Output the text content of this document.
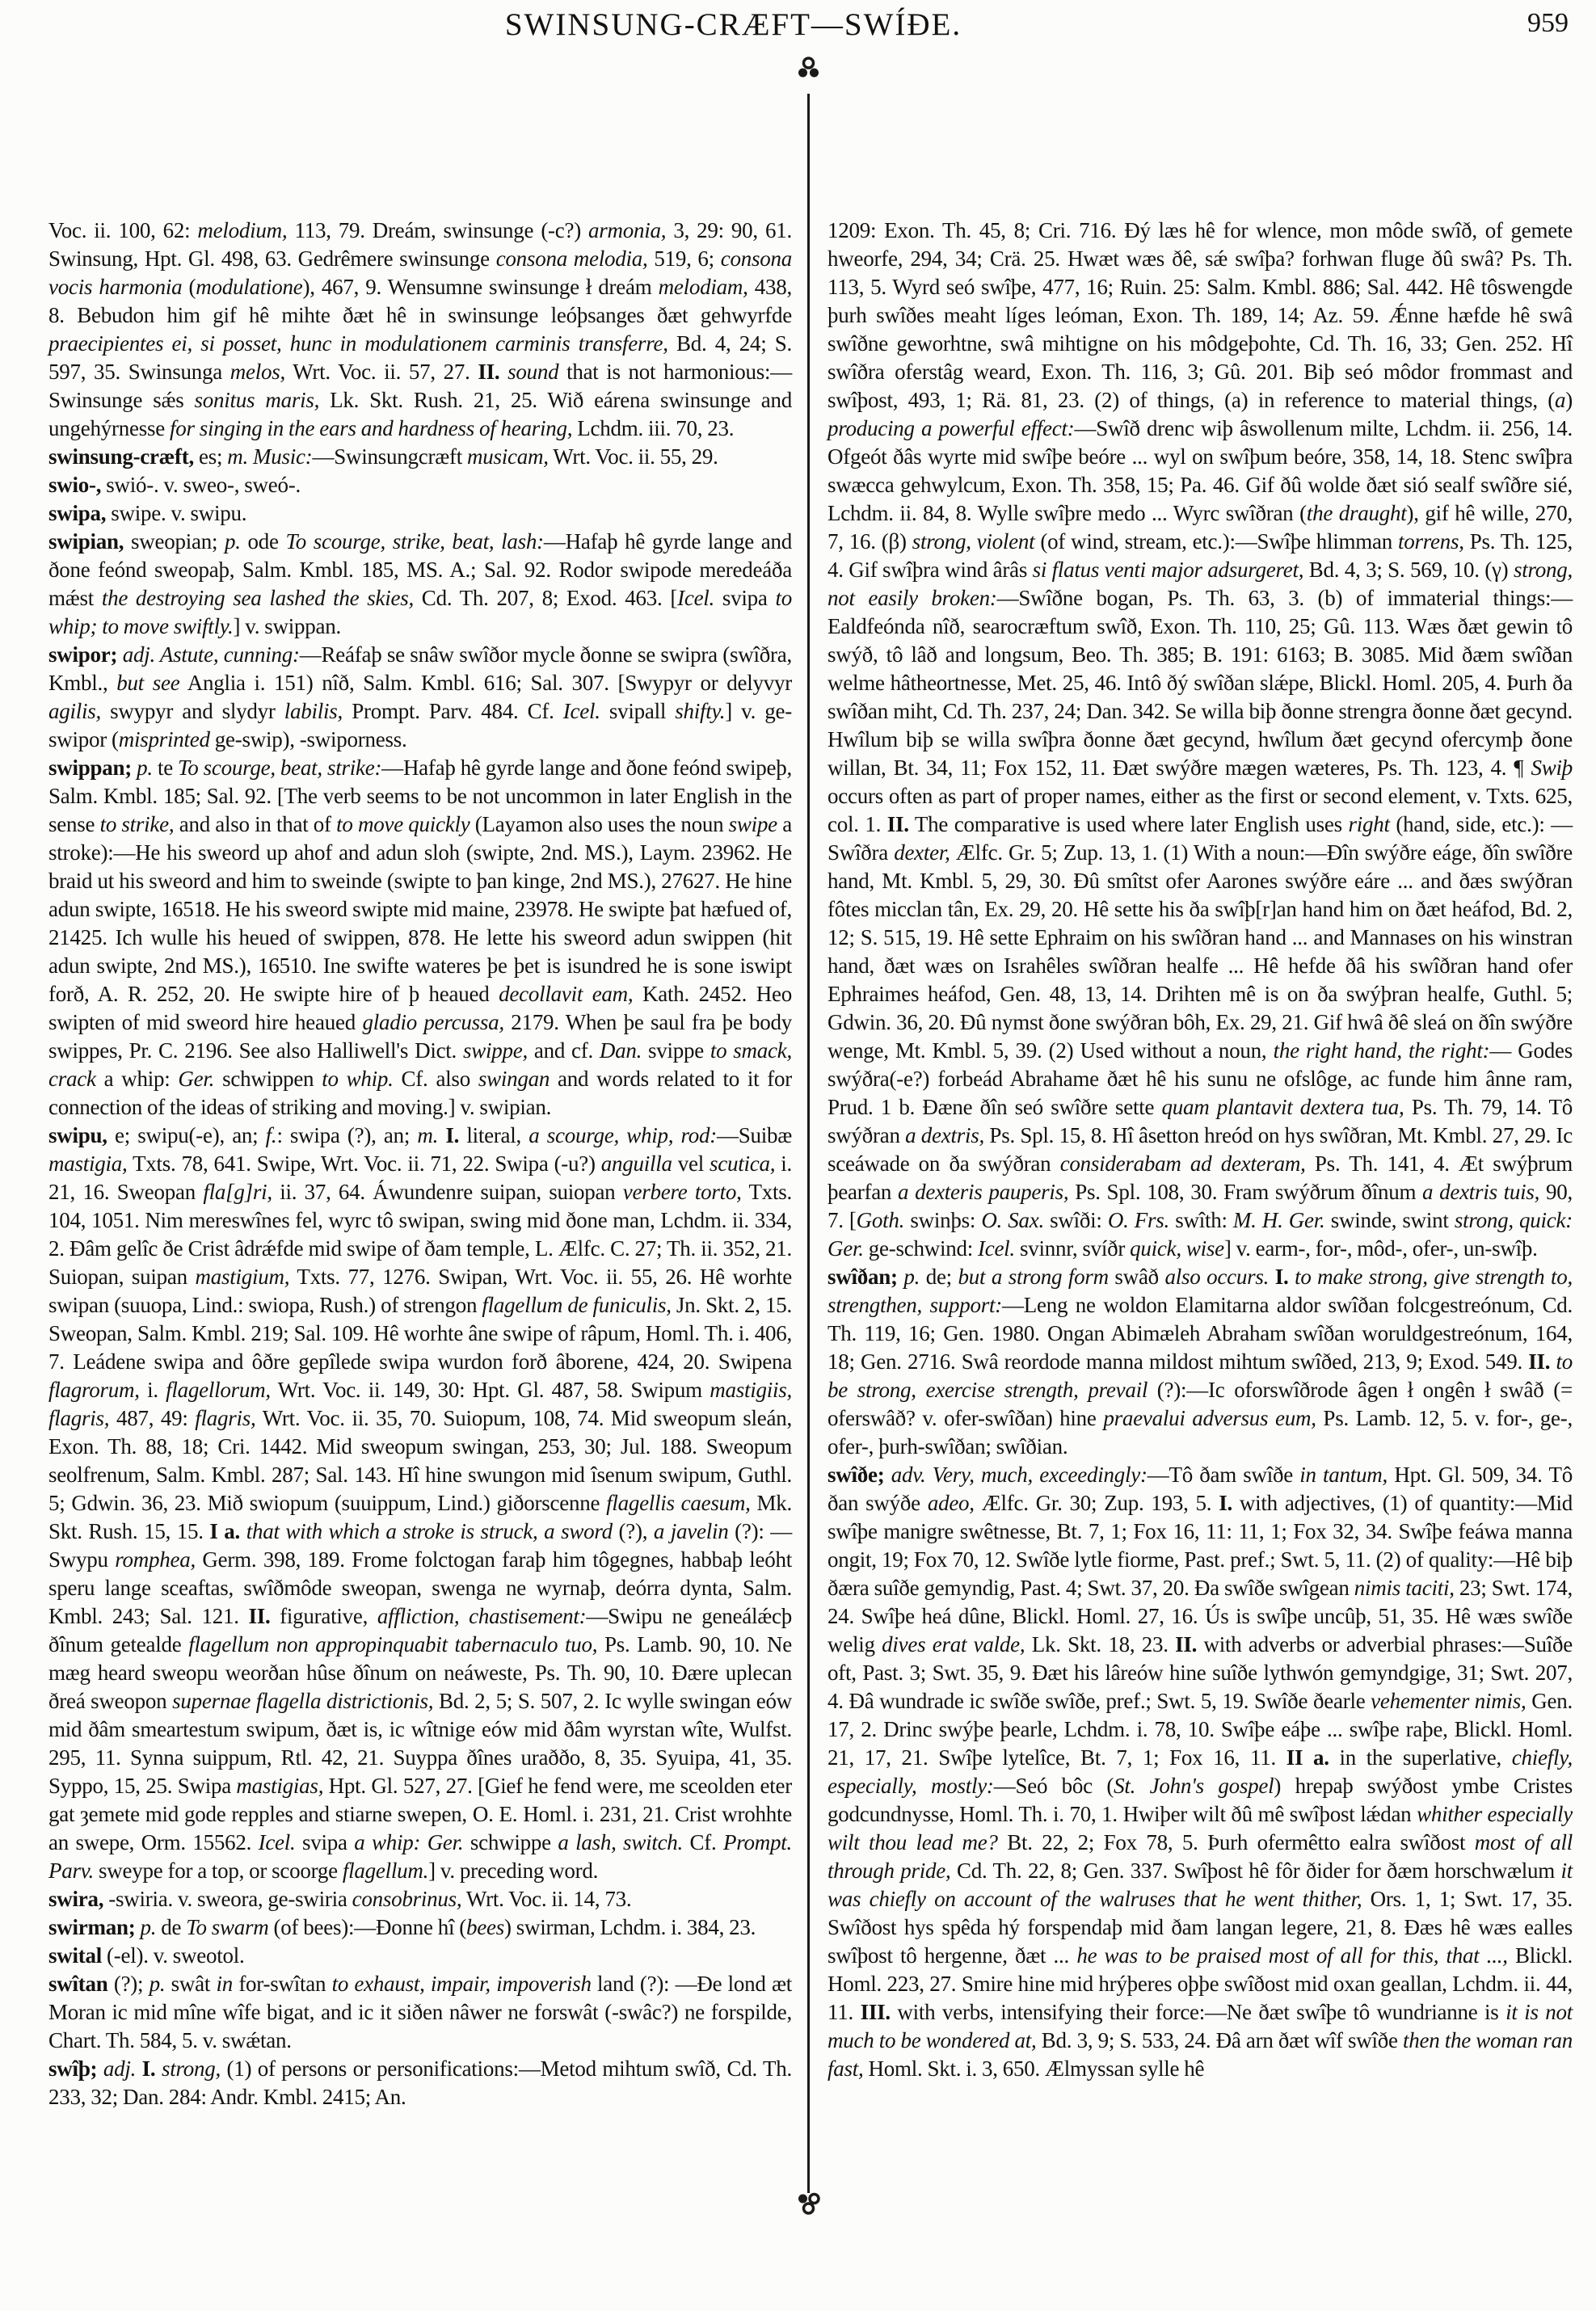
SWINSUNG-CRÆFT—SWÍÐE.	959

Voc. ii. 100, 62: melodium, 113, 79. Dreám, swinsunge (-c?) armonia, 3, 29: 90, 61. Swinsung, Hpt. Gl. 498, 63. Gedrêmere swinsunge consona melodia, 519, 6; consona vocis harmonia (modulatione), 467, 9. Wensumne swinsunge ł dreám melodiam, 438, 8. Bebudon him gif hê mihte ðæt hê in swinsunge leóþsanges ðæt gehwyrfde praecipientes ei, si posset, hunc in modulationem carminis transferre, Bd. 4, 24; S. 597, 35. Swinsunga melos, Wrt. Voc. ii. 57, 27. II. sound that is not harmonious:—Swinsunge sǽs sonitus maris, Lk. Skt. Rush. 21, 25. Wið eárena swinsunge and ungehýrnesse for singing in the ears and hardness of hearing, Lchdm. iii. 70, 23.

swinsung-cræft, es; m. Music:—Swinsungcræft musicam, Wrt. Voc. ii. 55, 29.

swio-, swió-. v. sweo-, sweó-.

swipa, swipe. v. swipu.

swipian, sweopian; p. ode To scourge, strike, beat, lash:—Hafaþ hê gyrde lange and ðone feónd sweopaþ, Salm. Kmbl. 185, MS. A.; Sal. 92. Rodor swipode meredeáða mǽst the destroying sea lashed the skies, Cd. Th. 207, 8; Exod. 463. [Icel. svipa to whip; to move swiftly.] v. swippan.

swipor; adj. Astute, cunning:—Reáfaþ se snâw swîðor mycle ðonne se swipra (swîðra, Kmbl., but see Anglia i. 151) nîð, Salm. Kmbl. 616; Sal. 307. [Swypyr or delyvyr agilis, swypyr and slydyr labilis, Prompt. Parv. 484. Cf. Icel. svipall shifty.] v. ge-swipor (misprinted ge-swip), -swiporness.

swippan; p. te To scourge, beat, strike:—Hafaþ hê gyrde lange and ðone feónd swipeþ, Salm. Kmbl. 185; Sal. 92. [The verb seems to be not uncommon in later English in the sense to strike, and also in that of to move quickly (Layamon also uses the noun swipe a stroke):—He his sweord up ahof and adun sloh (swipte, 2nd. MS.), Laym. 23962. He braid ut his sweord and him to sweinde (swipte to þan kinge, 2nd MS.), 27627. He hine adun swipte, 16518. He his sweord swipte mid maine, 23978. He swipte þat hæfued of, 21425. Ich wulle his heued of swippen, 878. He lette his sweord adun swippen (hit adun swipte, 2nd MS.), 16510. Ine swifte wateres þe þet is isundred he is sone iswipt forð, A. R. 252, 20. He swipte hire of þ heaued decollavit eam, Kath. 2452. Heo swipten of mid sweord hire heaued gladio percussa, 2179. When þe saul fra þe body swippes, Pr. C. 2196. See also Halliwell's Dict. swippe, and cf. Dan. svippe to smack, crack a whip: Ger. schwippen to whip. Cf. also swingan and words related to it for connection of the ideas of striking and moving.] v. swipian.

swipu, e; swipu(-e), an; f.: swipa (?), an; m. I. literal, a scourge, whip, rod:—Suibæ mastigia, Txts. 78, 641. Swipe, Wrt. Voc. ii. 71, 22. Swipa (-u?) anguilla vel scutica, i. 21, 16. Sweopan fla[g]ri, ii. 37, 64. Áwundenre suipan, suiopan verbere torto, Txts. 104, 1051. Nim mereswînes fel, wyrc tô swipan, swing mid ðone man, Lchdm. ii. 334, 2. Ðâm gelîc ðe Crist âdrǽfde mid swipe of ðam temple, L. Ælfc. C. 27; Th. ii. 352, 21. Suiopan, suipan mastigium, Txts. 77, 1276. Swipan, Wrt. Voc. ii. 55, 26. Hê worhte swipan (suuopa, Lind.: swiopa, Rush.) of strengon flagellum de funiculis, Jn. Skt. 2, 15. Sweopan, Salm. Kmbl. 219; Sal. 109. Hê worhte âne swipe of râpum, Homl. Th. i. 406, 7. Leádene swipa and ôðre gepîlede swipa wurdon forð âborene, 424, 20. Swipena flagrorum, i. flagellorum, Wrt. Voc. ii. 149, 30: Hpt. Gl. 487, 58. Swipum mastigiis, flagris, 487, 49: flagris, Wrt. Voc. ii. 35, 70. Suiopum, 108, 74. Mid sweopum sleán, Exon. Th. 88, 18; Cri. 1442. Mid sweopum swingan, 253, 30; Jul. 188. Sweopum seolfrenum, Salm. Kmbl. 287; Sal. 143. Hî hine swungon mid îsenum swipum, Guthl. 5; Gdwin. 36, 23. Mið swiopum (suuippum, Lind.) giðorscenne flagellis caesum, Mk. Skt. Rush. 15, 15. I a. that with which a stroke is struck, a sword (?), a javelin (?): — Swypu romphea, Germ. 398, 189. Frome folctogan faraþ him tôgegnes, habbaþ leóht speru lange sceaftas, swîðmôde sweopan, swenga ne wyrnaþ, deórra dynta, Salm. Kmbl. 243; Sal. 121. II. figurative, affliction, chastisement:—Swipu ne geneálǽcþ ðînum getealde flagellum non appropinquabit tabernaculo tuo, Ps. Lamb. 90, 10. Ne mæg heard sweopu weorðan hûse ðînum on neáweste, Ps. Th. 90, 10. Ðære uplecan ðreá sweopon supernae flagella districtionis, Bd. 2, 5; S. 507, 2. Ic wylle swingan eów mid ðâm smeartestum swipum, ðæt is, ic wîtnige eów mid ðâm wyrstan wîte, Wulfst. 295, 11. Synna suippum, Rtl. 42, 21. Suyppa ðînes uraððo, 8, 35. Syuipa, 41, 35. Syppo, 15, 25. Swipa mastigias, Hpt. Gl. 527, 27. [Gief he fend were, me sceolden eter gat ȝemete mid gode repples and stiarne swepen, O. E. Homl. i. 231, 21. Crist wrohhte an swepe, Orm. 15562. Icel. svipa a whip: Ger. schwippe a lash, switch. Cf. Prompt. Parv. sweype for a top, or scoorge flagellum.] v. preceding word.

swira, -swiria. v. sweora, ge-swiria consobrinus, Wrt. Voc. ii. 14, 73.

swirman; p. de To swarm (of bees):—Ðonne hî (bees) swirman, Lchdm. i. 384, 23.

swital (-el). v. sweotol.

swîtan (?); p. swât in for-swîtan to exhaust, impair, impoverish land (?): —Ðe lond æt Moran ic mid mîne wîfe bigat, and ic it siðen nâwer ne forswât (-swâc?) ne forspilde, Chart. Th. 584, 5. v. swǽtan.

swîþ; adj. I. strong, (1) of persons or personifications:—Metod mihtum swîð, Cd. Th. 233, 32; Dan. 284: Andr. Kmbl. 2415; An.

1209: Exon. Th. 45, 8; Cri. 716. Ðý læs hê for wlence, mon môde swîð, of gemete hweorfe, 294, 34; Crä. 25. Hwæt wæs ðê, sǽ swîþa? forhwan fluge ðû swâ? Ps. Th. 113, 5. Wyrd seó swîþe, 477, 16; Ruin. 25: Salm. Kmbl. 886; Sal. 442. Hê tôswengde þurh swîðes meaht líges leóman, Exon. Th. 189, 14; Az. 59. Ǽnne hæfde hê swâ swîðne geworhtne, swâ mihtigne on his môdgeþohte, Cd. Th. 16, 33; Gen. 252. Hî swîðra oferstâg weard, Exon. Th. 116, 3; Gû. 201. Biþ seó môdor frommast and swîþost, 493, 1; Rä. 81, 23. (2) of things, (a) in reference to material things, (a) producing a powerful effect:—Swîð drenc wiþ âswollenum milte, Lchdm. ii. 256, 14. Ofgeót ðâs wyrte mid swîþe beóre ... wyl on swîþum beóre, 358, 14, 18. Stenc swîþra swæcca gehwylcum, Exon. Th. 358, 15; Pa. 46. Gif ðû wolde ðæt sió sealf swîðre sié, Lchdm. ii. 84, 8. Wylle swîþre medo ... Wyrc swîðran (the draught), gif hê wille, 270, 7, 16. (β) strong, violent (of wind, stream, etc.):—Swîþe hlimman torrens, Ps. Th. 125, 4. Gif swîþra wind ârâs si flatus venti major adsurgeret, Bd. 4, 3; S. 569, 10. (γ) strong, not easily broken:—Swîðne bogan, Ps. Th. 63, 3. (b) of immaterial things:—Ealdfeónda nîð, searocræftum swîð, Exon. Th. 110, 25; Gû. 113. Wæs ðæt gewin tô swýð, tô lâð and longsum, Beo. Th. 385; B. 191: 6163; B. 3085. Mid ðæm swîðan welme hâtheortnesse, Met. 25, 46. Intô ðý swîðan slǽpe, Blickl. Homl. 205, 4. Þurh ða swîðan miht, Cd. Th. 237, 24; Dan. 342. Se willa biþ ðonne strengra ðonne ðæt gecynd. Hwîlum biþ se willa swîþra ðonne ðæt gecynd, hwîlum ðæt gecynd ofercymþ ðone willan, Bt. 34, 11; Fox 152, 11. Ðæt swýðre mægen wæteres, Ps. Th. 123, 4. ¶ Swiþ occurs often as part of proper names, either as the first or second element, v. Txts. 625, col. 1. II. The comparative is used where later English uses right (hand, side, etc.): —Swîðra dexter, Ælfc. Gr. 5; Zup. 13, 1. (1) With a noun:—Ðîn swýðre eáge, ðîn swîðre hand, Mt. Kmbl. 5, 29, 30. Ðû smîtst ofer Aarones swýðre eáre ... and ðæs swýðran fôtes micclan tân, Ex. 29, 20. Hê sette his ða swîþ[r]an hand him on ðæt heáfod, Bd. 2, 12; S. 515, 19. Hê sette Ephraim on his swîðran hand ... and Mannases on his winstran hand, ðæt wæs on Israhêles swîðran healfe ... Hê hefde ðâ his swîðran hand ofer Ephraimes heáfod, Gen. 48, 13, 14. Drihten mê is on ða swýþran healfe, Guthl. 5; Gdwin. 36, 20. Ðû nymst ðone swýðran bôh, Ex. 29, 21. Gif hwâ ðê sleá on ðîn swýðre wenge, Mt. Kmbl. 5, 39. (2) Used without a noun, the right hand, the right:— Godes swýðra(-e?) forbeád Abrahame ðæt hê his sunu ne ofslôge, ac funde him ânne ram, Prud. 1 b. Ðæne ðîn seó swîðre sette quam plantavit dextera tua, Ps. Th. 79, 14. Tô swýðran a dextris, Ps. Spl. 15, 8. Hî âsetton hreód on hys swîðran, Mt. Kmbl. 27, 29. Ic sceáwade on ða swýðran considerabam ad dexteram, Ps. Th. 141, 4. Æt swýþrum þearfan a dexteris pauperis, Ps. Spl. 108, 30. Fram swýðrum ðînum a dextris tuis, 90, 7. [Goth. swinþs: O. Sax. swîði: O. Frs. swîth: M. H. Ger. swinde, swint strong, quick: Ger. ge-schwind: Icel. svinnr, svíðr quick, wise] v. earm-, for-, môd-, ofer-, un-swîþ.

swîðan; p. de; but a strong form swâð also occurs. I. to make strong, give strength to, strengthen, support:—Leng ne woldon Elamitarna aldor swîðan folcgestreónum, Cd. Th. 119, 16; Gen. 1980. Ongan Abimæleh Abraham swîðan woruldgestreónum, 164, 18; Gen. 2716. Swâ reordode manna mildost mihtum swîðed, 213, 9; Exod. 549. II. to be strong, exercise strength, prevail (?):—Ic oforswîðrode âgen ł ongên ł swâð (= oferswâð? v. ofer-swîðan) hine praevalui adversus eum, Ps. Lamb. 12, 5. v. for-, ge-, ofer-, þurh-swîðan; swîðian.

swîðe; adv. Very, much, exceedingly:—Tô ðam swîðe in tantum, Hpt. Gl. 509, 34. Tô ðan swýðe adeo, Ælfc. Gr. 30; Zup. 193, 5. I. with adjectives, (1) of quantity:—Mid swîþe manigre swêtnesse, Bt. 7, 1; Fox 16, 11: 11, 1; Fox 32, 34. Swîþe feáwa manna ongit, 19; Fox 70, 12. Swîðe lytle fiorme, Past. pref.; Swt. 5, 11. (2) of quality:—Hê biþ ðæra suîðe gemyndig, Past. 4; Swt. 37, 20. Ða swîðe swîgean nimis taciti, 23; Swt. 174, 24. Swîþe heá dûne, Blickl. Homl. 27, 16. Ús is swîþe uncûþ, 51, 35. Hê wæs swîðe welig dives erat valde, Lk. Skt. 18, 23. II. with adverbs or adverbial phrases:—Suîðe oft, Past. 3; Swt. 35, 9. Ðæt his lâreów hine suîðe lythwón gemyndgige, 31; Swt. 207, 4. Ðâ wundrade ic swîðe swîðe, pref.; Swt. 5, 19. Swîðe ðearle vehementer nimis, Gen. 17, 2. Drinc swýþe þearle, Lchdm. i. 78, 10. Swîþe eáþe ... swîþe raþe, Blickl. Homl. 21, 17, 21. Swîþe lytelîce, Bt. 7, 1; Fox 16, 11. II a. in the superlative, chiefly, especially, mostly:—Seó bôc (St. John's gospel) hrepaþ swýðost ymbe Cristes godcundnysse, Homl. Th. i. 70, 1. Hwiþer wilt ðû mê swîþost lǽdan whither especially wilt thou lead me? Bt. 22, 2; Fox 78, 5. Þurh ofermêtto ealra swîðost most of all through pride, Cd. Th. 22, 8; Gen. 337. Swîþost hê fôr ðider for ðæm horschwælum it was chiefly on account of the walruses that he went thither, Ors. 1, 1; Swt. 17, 35. Swîðost hys spêda hý forspendaþ mid ðam langan legere, 21, 8. Ðæs hê wæs ealles swîþost tô hergenne, ðæt ... he was to be praised most of all for this, that ..., Blickl. Homl. 223, 27. Smire hine mid hrýþeres oþþe swîðost mid oxan geallan, Lchdm. ii. 44, 11. III. with verbs, intensifying their force:—Ne ðæt swîþe tô wundrianne is it is not much to be wondered at, Bd. 3, 9; S. 533, 24. Ðâ arn ðæt wîf swîðe then the woman ran fast, Homl. Skt. i. 3, 650. Ælmyssan sylle hê
